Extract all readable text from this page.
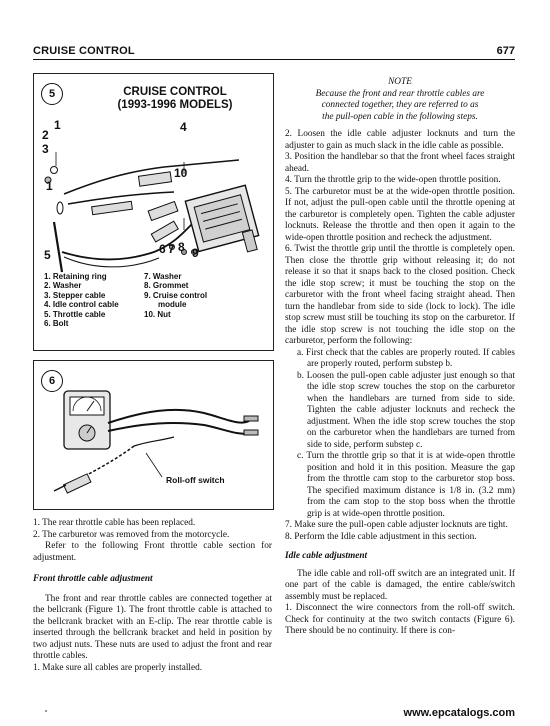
CRUISE CONTROL	677
5	CRUISE CONTROL
(1993-1996 MODELS)
1
2
3
4
10
1
5	6 7 8 9
1. Retaining ring
2. Washer
3. Stepper cable
4. Idle control cable
5. Throttle cable
6. Bolt
7. Washer
8. Grommet
9. Cruise control
module
10. Nut
6
Roll-off switch

1. The rear throttle cable has been replaced.

2. The carburetor was removed from the motorcycle.

Refer to the following Front throttle cable section for adjustment.

Front throttle cable adjustment

The front and rear throttle cables are connected together at the bellcrank (Figure 1). The front throttle cable is attached to the bellcrank bracket with an E-clip. The rear throttle cable is inserted through the bellcrank bracket and held in position by two adjust nuts. These nuts are used to adjust the front and rear throttle cables.

1. Make sure all cables are properly installed.

NOTE

Because the front and rear throttle cables are connected together, they are referred to as the pull-open cable in the following steps.

2. Loosen the idle cable adjuster locknuts and turn the adjuster to gain as much slack in the idle cable as possible.

3. Position the handlebar so that the front wheel faces straight ahead.

4. Turn the throttle grip to the wide-open throttle position.

5. The carburetor must be at the wide-open throttle position. If not, adjust the pull-open cable until the throttle opening at the carburetor is completely open. Tighten the cable adjuster locknuts. Release the throttle and then open it again to the wide-open throttle position and recheck the adjustment.

6. Twist the throttle grip until the throttle is completely open. Then close the throttle grip without releasing it; do not release it so that it snaps back to the closed position. Check the idle stop screw; it must be touching the stop on the carburetor with the front wheel facing straight ahead. Then turn the handlebar from side to side (lock to lock). The idle stop screw must still be touching its stop on the carburetor. If the idle stop screw is not touching the idle stop on the carburetor, perform the following:

a. First check that the cables are properly routed. If cables are properly routed, perform substep b.

b. Loosen the pull-open cable adjuster just enough so that the idle stop screw touches the stop on the carburetor when the handlebars are turned from side to side. Tighten the cable adjuster locknuts and recheck the adjustment. When the idle stop screw touches the stop on the carburetor when the handlebars are turned from side to side, perform substep c.

c. Turn the throttle grip so that it is at wide-open throttle position and hold it in this position. Measure the gap from the throttle cam stop to the carburetor stop boss. The specified maximum distance is 1/8 in. (3.2 mm) from the cam stop to the stop boss when the throttle grip is at wide-open throttle position.

7. Make sure the pull-open cable adjuster locknuts are tight.

8. Perform the Idle cable adjustment in this section.

Idle cable adjustment

The idle cable and roll-off switch are an integrated unit. If one part of the cable is damaged, the entire cable/switch assembly must be replaced.

1. Disconnect the wire connectors from the roll-off switch. Check for continuity at the two switch contacts (Figure 6). There should be no continuity. If there is con-

www.epcatalogs.com
